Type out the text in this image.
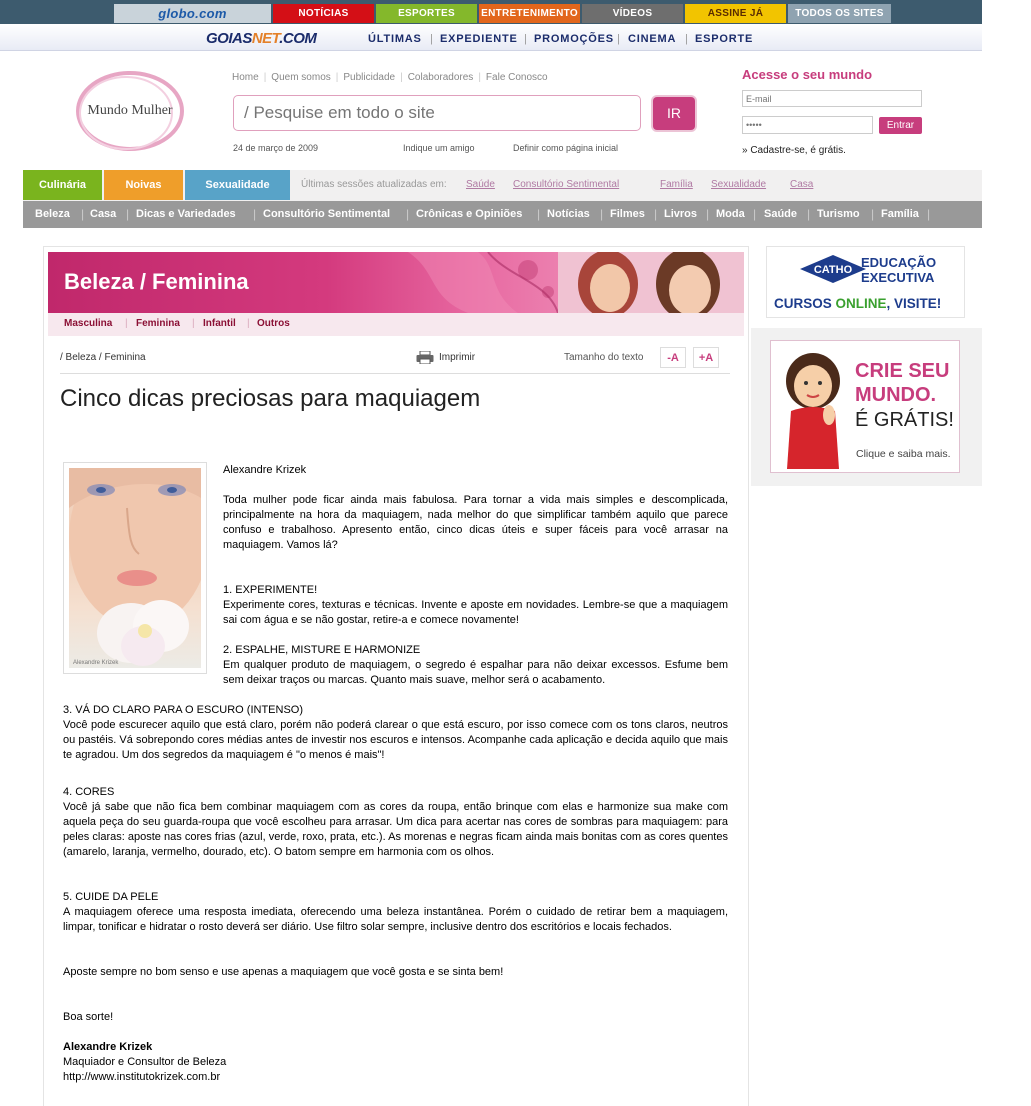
globo.com	NOTÍCIAS	ESPORTES	ENTRETENIMENTO	VÍDEOS	ASSINE JÁ	TODOS OS SITES
GOIASNET.COM	ÚLTIMAS | EXPEDIENTE | PROMOÇÕES | CINEMA | ESPORTE
Mundo Mulher
Home | Quem somos | Publicidade | Colaboradores | Fale Conosco
/ Pesquise em todo o site
IR
24 de março de 2009	Indique um amigo	Definir como página inicial
Acesse o seu mundo
E-mail
•••••
Entrar
» Cadastre-se, é grátis.
Culinária	Noivas	Sexualidade	Últimas sessões atualizadas em: Saúde Consultório Sentimental	Família Sexualidade Casa
Beleza | Casa | Dicas e Variedades | Consultório Sentimental | Crônicas e Opiniões | Notícias | Filmes | Livros | Moda | Saúde | Turismo | Família |
Beleza / Feminina
Masculina | Feminina | Infantil | Outros
/ Beleza / Feminina	Imprimir	Tamanho do texto	-A	+A
Cinco dicas preciosas para maquiagem
Alexandre Krizek
Alexandre Krizek
Toda mulher pode ficar ainda mais fabulosa. Para tornar a vida mais simples e descomplicada, principalmente na hora da maquiagem, nada melhor do que simplificar também aquilo que parece confuso e trabalhoso. Apresento então, cinco dicas úteis e super fáceis para você arrasar na maquiagem. Vamos lá?
1. EXPERIMENTE!
Experimente cores, texturas e técnicas. Invente e aposte em novidades. Lembre-se que a maquiagem sai com água e se não gostar, retire-a e comece novamente!
2. ESPALHE, MISTURE E HARMONIZE
Em qualquer produto de maquiagem, o segredo é espalhar para não deixar excessos. Esfume bem sem deixar traços ou marcas. Quanto mais suave, melhor será o acabamento.
3. VÁ DO CLARO PARA O ESCURO (INTENSO)
Você pode escurecer aquilo que está claro, porém não poderá clarear o que está escuro, por isso comece com os tons claros, neutros ou pastéis. Vá sobrepondo cores médias antes de investir nos escuros e intensos. Acompanhe cada aplicação e decida aquilo que mais te agradou. Um dos segredos da maquiagem é "o menos é mais"!
4. CORES
Você já sabe que não fica bem combinar maquiagem com as cores da roupa, então brinque com elas e harmonize sua make com aquela peça do seu guarda-roupa que você escolheu para arrasar. Um dica para acertar nas cores de sombras para maquiagem: para peles claras: aposte nas cores frias (azul, verde, roxo, prata, etc.). As morenas e negras ficam ainda mais bonitas com as cores quentes (amarelo, laranja, vermelho, dourado, etc). O batom sempre em harmonia com os olhos.
5. CUIDE DA PELE
A maquiagem oferece uma resposta imediata, oferecendo uma beleza instantânea. Porém o cuidado de retirar bem a maquiagem, limpar, tonificar e hidratar o rosto deverá ser diário. Use filtro solar sempre, inclusive dentro dos escritórios e locais fechados.
Aposte sempre no bom senso e use apenas a maquiagem que você gosta e se sinta bem!
Boa sorte!
Alexandre Krizek
Maquiador e Consultor de Beleza
http://www.institutokrizek.com.br
CATHO EDUCAÇÃO
EXECUTIVA
CURSOS ONLINE, VISITE!
CRIE SEU
MUNDO.
É GRÁTIS!
Clique e saiba mais.
